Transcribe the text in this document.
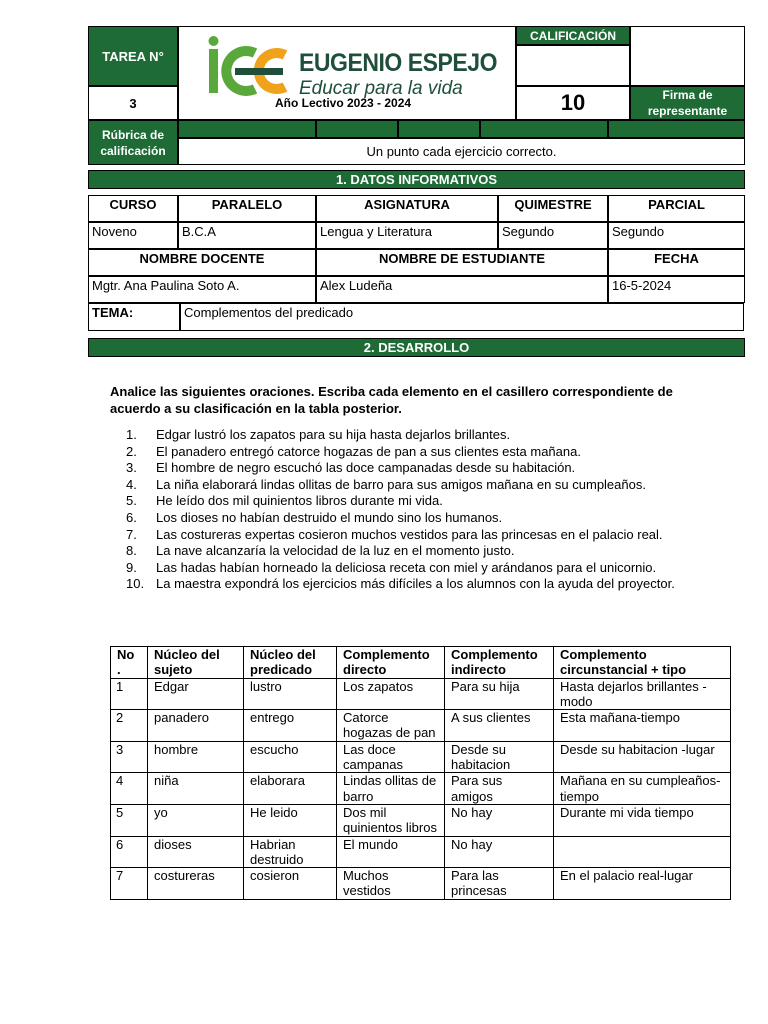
TAREA N°
3
EUGENIO ESPEJO
Educar para la vida
Año Lectivo 2023 - 2024
CALIFICACIÓN
10	Firma de representante
Rúbrica de calificación	Un punto cada ejercicio correcto.
1. DATOS INFORMATIVOS
CURSO	PARALELO	ASIGNATURA	QUIMESTRE	PARCIAL
Noveno	B.C.A	Lengua y Literatura	Segundo	Segundo
NOMBRE DOCENTE	NOMBRE DE ESTUDIANTE	FECHA
Mgtr. Ana Paulina Soto A.	Alex Ludeña	16-5-2024
TEMA:	Complementos del predicado
2. DESARROLLO
Analice las siguientes oraciones. Escriba cada elemento en el casillero correspondiente de acuerdo a su clasificación en la tabla posterior.
1.	Edgar lustró los zapatos para su hija hasta dejarlos brillantes.
2.	El panadero entregó catorce hogazas de pan a sus clientes esta mañana.
3.	El hombre de negro escuchó las doce campanadas desde su habitación.
4.	La niña elaborará lindas ollitas de barro para sus amigos mañana en su cumpleaños.
5.	He leído dos mil quinientos libros durante mi vida.
6.	Los dioses no habían destruido el mundo sino los humanos.
7.	Las costureras expertas cosieron muchos vestidos para las princesas en el palacio real.
8.	La nave alcanzaría la velocidad de la luz en el momento justo.
9.	Las hadas habían horneado la deliciosa receta con miel y arándanos para el unicornio.
10. La maestra expondrá los ejercicios más difíciles a los alumnos con la ayuda del proyector.
No .	Núcleo del sujeto	Núcleo del predicado	Complemento directo	Complemento indirecto	Complemento circunstancial + tipo
1	Edgar	lustro	Los zapatos	Para su hija	Hasta dejarlos brillantes -modo
2	panadero	entrego	Catorce hogazas de pan	A sus clientes	Esta mañana-tiempo
3	hombre	escucho	Las doce campanas	Desde su habitacion	Desde su habitacion -lugar
4	niña	elaborara	Lindas ollitas de barro	Para sus amigos	Mañana en su cumpleaños-tiempo
5	yo	He leido	Dos mil quinientos libros	No hay	Durante mi vida tiempo
6	dioses	Habrian destruido	El mundo	No hay	
7	costureras	cosieron	Muchos vestidos	Para las princesas	En el palacio real-lugar
